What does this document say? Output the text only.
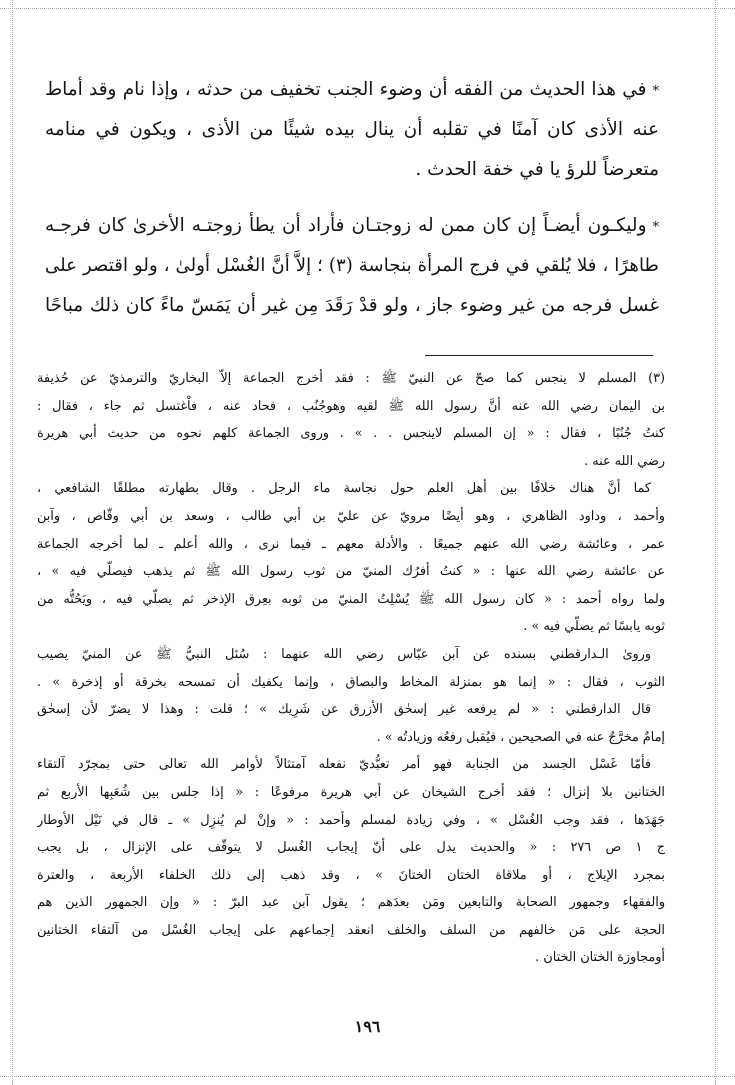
*في هذا الحديث من الفقه أن وضوء الجنب تخفيف من حدثه ، وإذا نام وقد أماط
عنه الأذى كان آمنًا في تقلبه أن ينال بيده شيئًا من الأذى ، ويكون في منامه
متعرضاً للرؤ يا في خفة الحدث .
*وليكـون أيضـاً إن كان ممن له زوجتـان فأراد أن يطأ زوجتـه الأخرىٰ كان فرجـه
طاهرًا ، فلا يُلقي في فرج المرأة بنجاسة (٣) ؛ إلاَّ أنَّ الغُسْل أولىٰ ، ولو اقتصر على
غسل فرجه من غير وضوء جاز ، ولو قدْ رَقَدَ مِن غير أن يَمَسّ ماءً كان ذلك مباحًا
(٣) المسلم لا ينجس كما صحّ عن النبيّ ﷺ : فقد أخرج الجماعة إلاّ البخاريّ والترمذيّ عن حُذيفة
بن اليمان رضي الله عنه أنَّ رسول الله ﷺ لقيه وهوجُنُب ، فحاد عنه ، فاْغتسل ثم جاء ، فقال :
كنتُ جُنُبًا ، فقال : « إن المسلم لاينجس . . » . وروى الجماعة كلهم نحوه من حديث أبي هريرة
رضي الله عنه .
كما أنَّ هناك خلافًا بين أهل العلم حول نجاسة ماء الرجل . وقال بطهارته مطلقًا الشافعي ،
وأحمد ، وداود الظاهري ، وهو أيضًا مرويّ عن عليّ بن أبي طالب ، وسعد بن أبي وقّاص ، وآبن
عمر ، وعائشة رضي الله عنهم جميعًا . والأدلة معهم ـ فيما نرى ، والله أعلم ـ لما أخرجه الجماعة
عن عائشة رضي الله عنها : « كنتُ أفرُك المنيّ من ثوب رسول الله ﷺ ثم يذهب فيصلّي فيه » ،
ولما رواه أحمد : « كان رسول الله ﷺ يُسْلِتُ المنيّ من ثوبه بعِرق الإذخر ثم يصلّي فيه ، ويَحُتُّه من
ثوبه يابسًا ثم يصلّي فيه » .
وروىٰ الـدارقطني بسنده عن آبن عبّاس رضي الله عنهما : سُئل النبيُّ ﷺ عن المنيّ يصيب
الثوب ، فقال : « إنما هو بمنزلة المخاط والبصاق ، وإنما يكفيك أن تمسحه بخرقة أو إذخرة » .
قال الدارقطني : « لم يرفعه غير إسحٰق الأزرق عن شَرِيك » ؛ قلت : وهذا لا يضرّ لأن إسحٰق
إمامٌ مخرَّجٌ عنه في الصحيحين ، فيُقبل رفعُه وزيادتُه » .
فأمّا غَسْل الجسد من الجنابة فهو أمر تعبُّديّ نفعله آمتثالاً لأوامر الله تعالى حتى بمجرّد آلتقاء
الختانين بلا إنزال ؛ فقد أخرج الشيخان عن أبي هريرة مرفوعًا : « إذا جلس بين شُعَبِها الأربع ثم
جَهَدَها ، فقد وجب الغُسْل » ، وفي زيادة لمسلم وأحمد : « وإنْ لم يُنزِل » ـ قال في نَيْل الأوطار
ج ١ ص ٢٧٦ : « والحديث يدل على أنّ إيجاب الغُسل لا يتوقّف على الإنزال ، بل يجب
بمجرد الإيلاج ، أو ملاقاة الختان الختانَ » ، وقد ذهب إلى ذلك الخلفاء الأربعة ، والعترة
والفقهاء وجمهور الصحابة والتابعين ومَن بعدَهم ؛ يقول آبن عبد البرّ : « وإن الجمهور الذين هم
الحجة على مَن خالفهم من السلف والخلف انعقد إجماعهم على إيجاب الغُسْل من آلتقاء الختانين
أومجاوزة الختان الختان .
١٩٦
